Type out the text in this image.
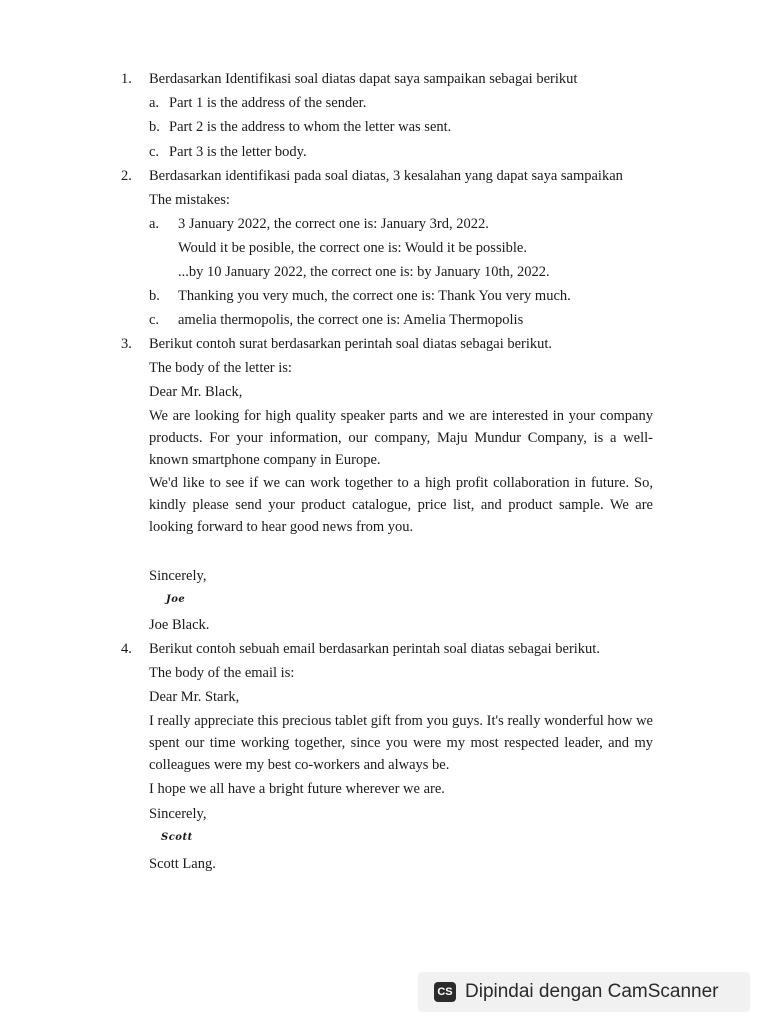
1. Berdasarkan Identifikasi soal diatas dapat saya sampaikan sebagai berikut
a. Part 1 is the address of the sender.
b. Part 2 is the address to whom the letter was sent.
c. Part 3 is the letter body.
2. Berdasarkan identifikasi pada soal diatas, 3 kesalahan yang dapat saya sampaikan
The mistakes:
a. 3 January 2022, the correct one is: January 3rd, 2022.
Would it be posible, the correct one is: Would it be possible.
...by 10 January 2022, the correct one is: by January 10th, 2022.
b. Thanking you very much, the correct one is: Thank You very much.
c. amelia thermopolis, the correct one is: Amelia Thermopolis
3. Berikut contoh surat berdasarkan perintah soal diatas sebagai berikut.
The body of the letter is:
Dear Mr. Black,
We are looking for high quality speaker parts and we are interested in your company products. For your information, our company, Maju Mundur Company, is a well-known smartphone company in Europe.
We'd like to see if we can work together to a high profit collaboration in future. So, kindly please send your product catalogue, price list, and product sample. We are looking forward to hear good news from you.
Sincerely,
Joe
Joe Black.
4. Berikut contoh sebuah email berdasarkan perintah soal diatas sebagai berikut.
The body of the email is:
Dear Mr. Stark,
I really appreciate this precious tablet gift from you guys. It's really wonderful how we spent our time working together, since you were my most respected leader, and my colleagues were my best co-workers and always be.
I hope we all have a bright future wherever we are.
Sincerely,
Scott
Scott Lang.
CS Dipindai dengan CamScanner
